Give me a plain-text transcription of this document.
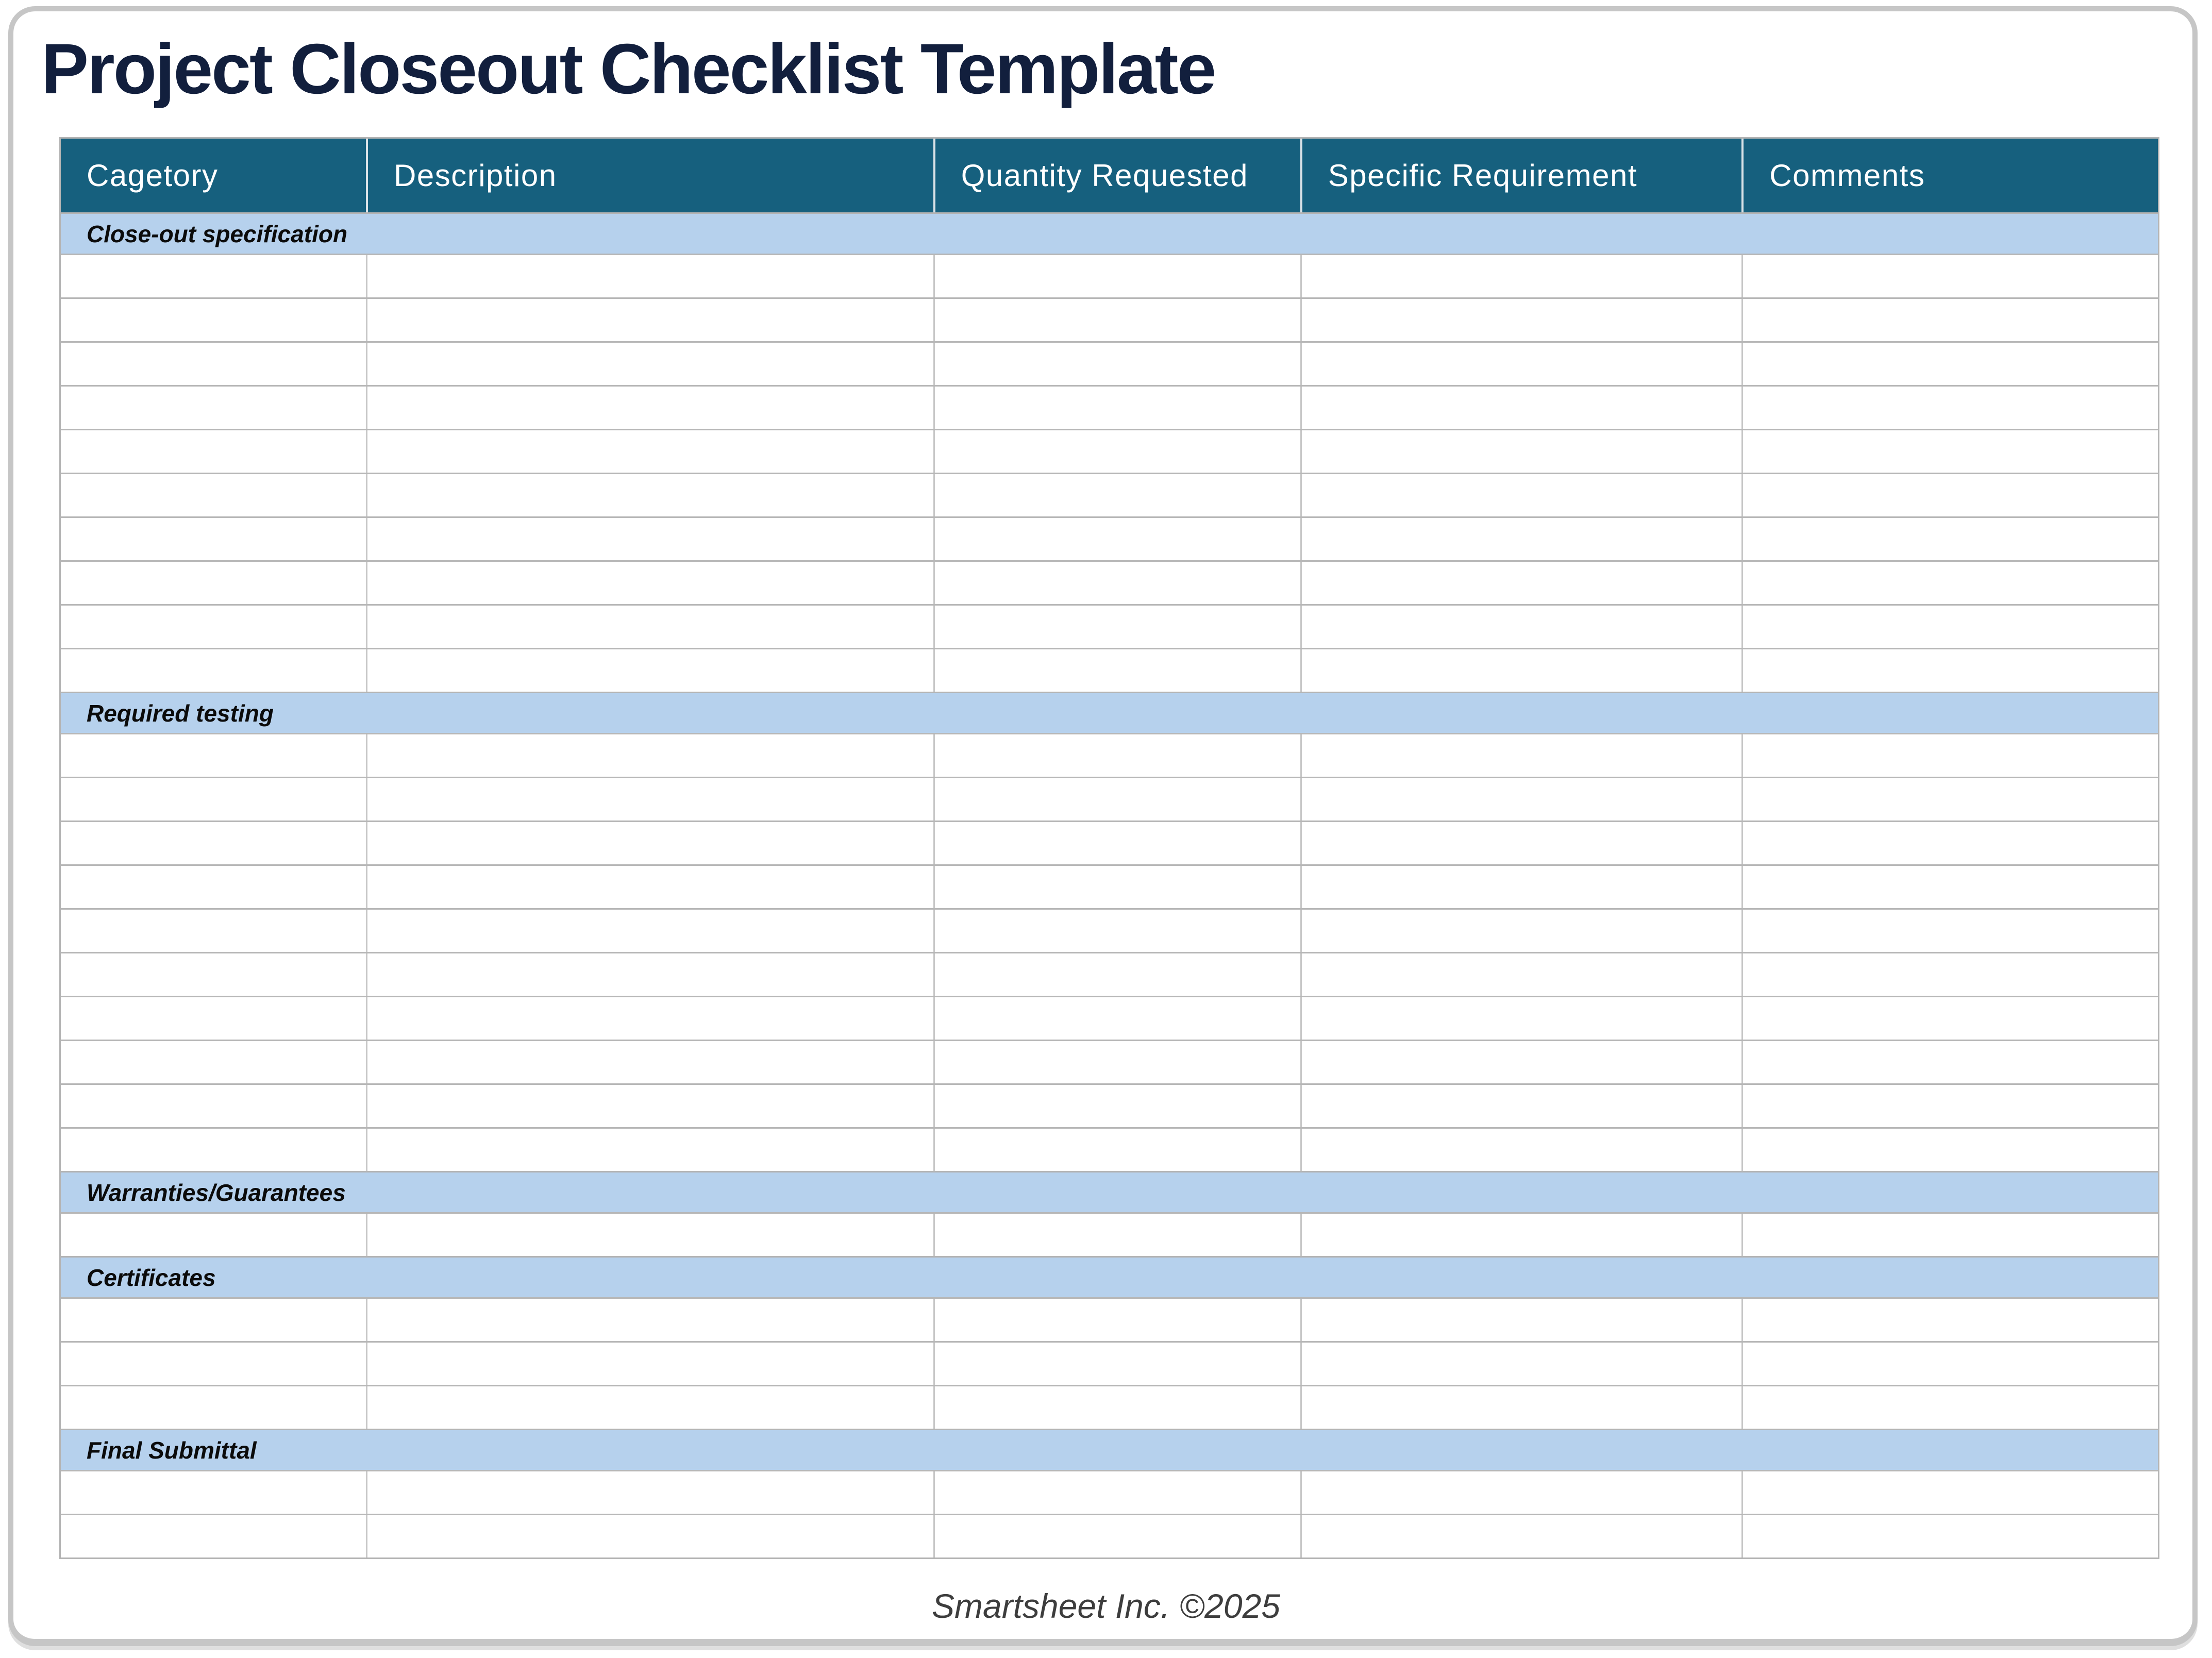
Project Closeout Checklist Template
Cagetory	Description	Quantity Requested	Specific Requirement	Comments
Close-out specification
Required testing
Warranties/Guarantees
Certificates
Final Submittal
Smartsheet Inc. ©2025
